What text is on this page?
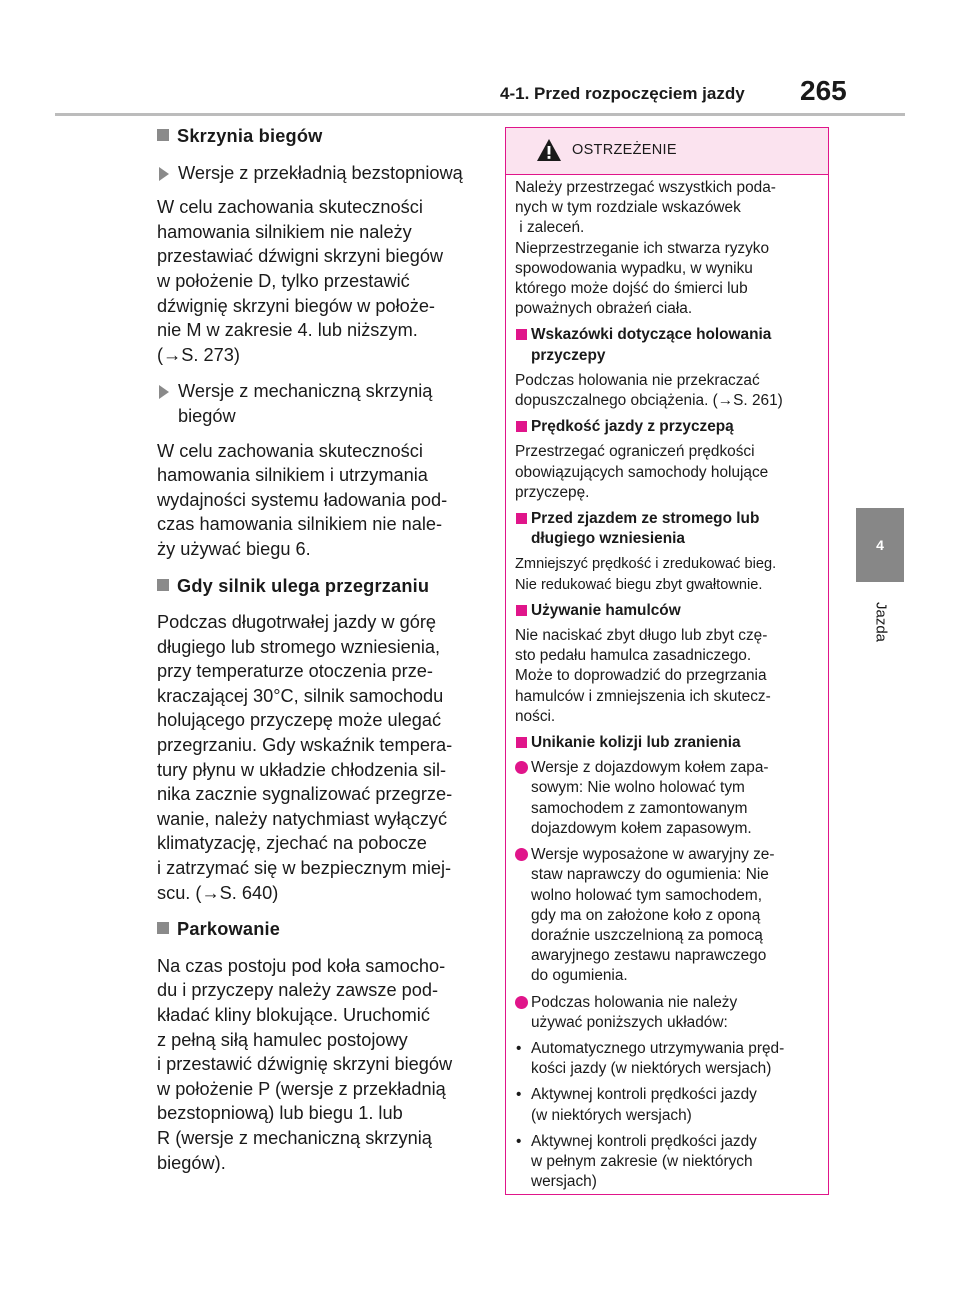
4-1. Przed rozpoczęciem jazdy 265
4
Jazda
Skrzynia biegów
Wersje z przekładnią bezstopniową
W celu zachowania skuteczności
hamowania silnikiem nie należy
przestawiać dźwigni skrzyni biegów
w położenie D, tylko przestawić
dźwignię skrzyni biegów w położe-
nie M w zakresie 4. lub niższym.
(→S. 273)
Wersje z mechaniczną skrzynią
biegów
W celu zachowania skuteczności
hamowania silnikiem i utrzymania
wydajności systemu ładowania pod-
czas hamowania silnikiem nie nale-
ży używać biegu 6.
Gdy silnik ulega przegrzaniu
Podczas długotrwałej jazdy w górę
długiego lub stromego wzniesienia,
przy temperaturze otoczenia prze-
kraczającej 30°C, silnik samochodu
holującego przyczepę może ulegać
przegrzaniu. Gdy wskaźnik tempera-
tury płynu w układzie chłodzenia sil-
nika zacznie sygnalizować przegrze-
wanie, należy natychmiast wyłączyć
klimatyzację, zjechać na pobocze
i zatrzymać się w bezpiecznym miej-
scu. (→S. 640)
Parkowanie
Na czas postoju pod koła samocho-
du i przyczepy należy zawsze pod-
kładać kliny blokujące. Uruchomić
z pełną siłą hamulec postojowy
i przestawić dźwignię skrzyni biegów
w położenie P (wersje z przekładnią
bezstopniową) lub biegu 1. lub
R (wersje z mechaniczną skrzynią
biegów).
OSTRZEŻENIE
Należy przestrzegać wszystkich poda-
nych w tym rozdziale wskazówek
i zaleceń.
Nieprzestrzeganie ich stwarza ryzyko
spowodowania wypadku, w wyniku
którego może dojść do śmierci lub
poważnych obrażeń ciała.
Wskazówki dotyczące holowania
przyczepy
Podczas holowania nie przekraczać
dopuszczalnego obciążenia. (→S. 261)
Prędkość jazdy z przyczepą
Przestrzegać ograniczeń prędkości
obowiązujących samochody holujące
przyczepę.
Przed zjazdem ze stromego lub
długiego wzniesienia
Zmniejszyć prędkość i zredukować bieg.
Nie redukować biegu zbyt gwałtownie.
Używanie hamulców
Nie naciskać zbyt długo lub zbyt czę-
sto pedału hamulca zasadniczego.
Może to doprowadzić do przegrzania
hamulców i zmniejszenia ich skutecz-
ności.
Unikanie kolizji lub zranienia
Wersje z dojazdowym kołem zapa-
sowym: Nie wolno holować tym
samochodem z zamontowanym
dojazdowym kołem zapasowym.
Wersje wyposażone w awaryjny ze-
staw naprawczy do ogumienia: Nie
wolno holować tym samochodem,
gdy ma on założone koło z oponą
doraźnie uszczelnioną za pomocą
awaryjnego zestawu naprawczego
do ogumienia.
Podczas holowania nie należy
używać poniższych układów:
• Automatycznego utrzymywania pręd-
kości jazdy (w niektórych wersjach)
• Aktywnej kontroli prędkości jazdy
(w niektórych wersjach)
• Aktywnej kontroli prędkości jazdy
w pełnym zakresie (w niektórych
wersjach)
